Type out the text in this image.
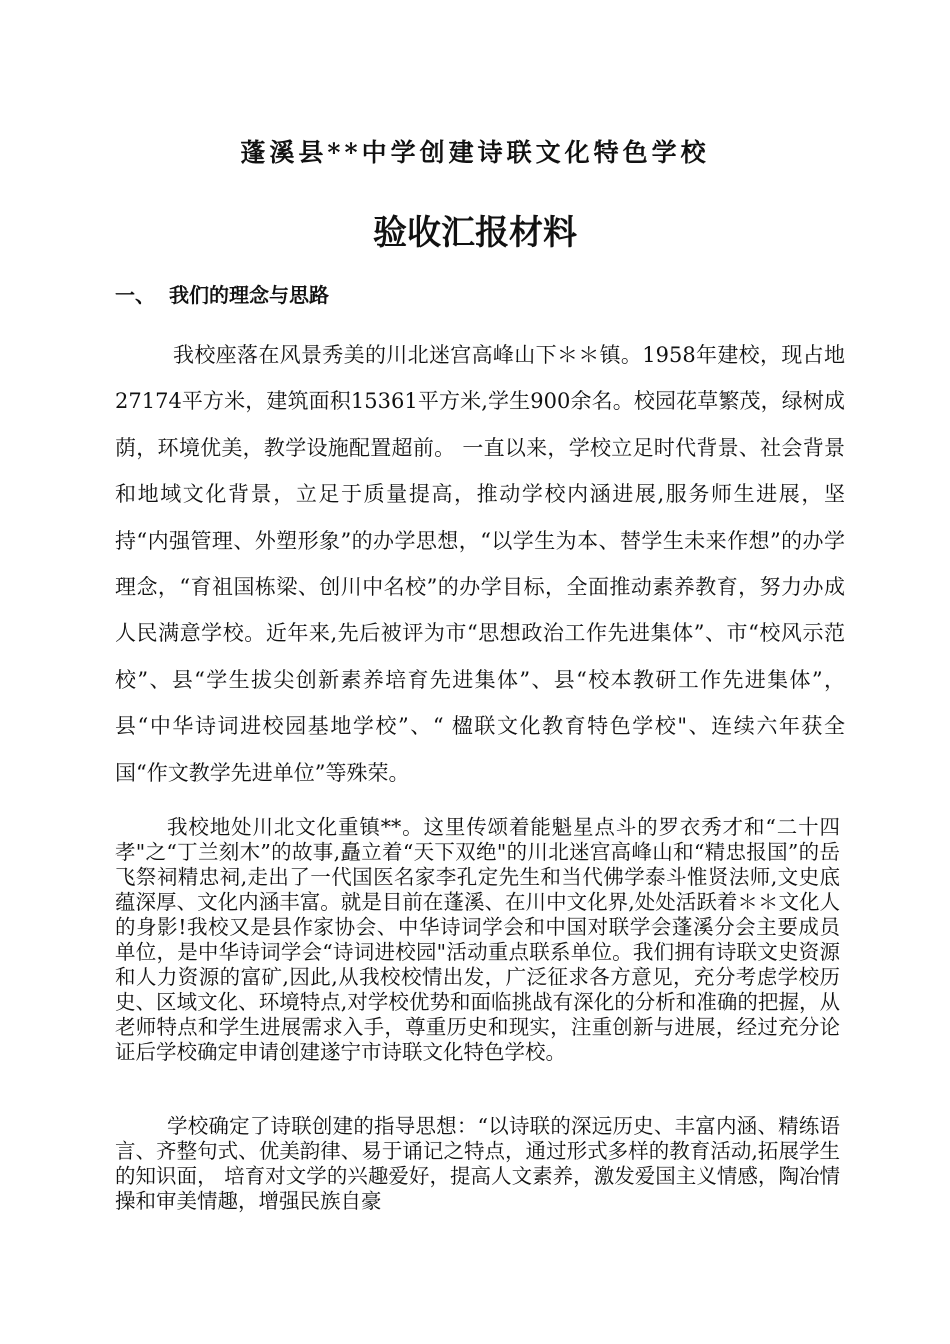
蓬溪县**中学创建诗联文化特色学校
验收汇报材料
一、 我们的理念与思路

我校座落在风景秀美的川北迷宫高峰山下＊＊镇。1958年建校，现占地27174平方米，建筑面积15361平方米,学生900余名。校园花草繁茂，绿树成荫，环境优美，教学设施配置超前。 一直以来，学校立足时代背景、社会背景和地域文化背景，立足于质量提高，推动学校内涵进展,服务师生进展，坚持“内强管理、外塑形象”的办学思想，“以学生为本、替学生未来作想”的办学理念，“育祖国栋梁、创川中名校”的办学目标，全面推动素养教育，努力办成人民满意学校。近年来,先后被评为市“思想政治工作先进集体”、市“校风示范校”、县“学生拔尖创新素养培育先进集体”、县“校本教研工作先进集体”，县“中华诗词进校园基地学校”、“ 楹联文化教育特色学校"、连续六年获全国“作文教学先进单位”等殊荣。

我校地处川北文化重镇**。这里传颂着能魁星点斗的罗衣秀才和“二十四孝"之“丁兰刻木”的故事,矗立着“天下双绝"的川北迷宫高峰山和“精忠报国”的岳飞祭祠精忠祠,走出了一代国医名家李孔定先生和当代佛学泰斗惟贤法师,文史底蕴深厚、文化内涵丰富。就是目前在蓬溪、在川中文化界,处处活跃着＊＊文化人的身影!我校又是县作家协会、中华诗词学会和中国对联学会蓬溪分会主要成员单位，是中华诗词学会“诗词进校园"活动重点联系单位。我们拥有诗联文史资源和人力资源的富矿,因此,从我校校情出发，广泛征求各方意见，充分考虑学校历史、区域文化、环境特点,对学校优势和面临挑战有深化的分析和准确的把握，从老师特点和学生进展需求入手，尊重历史和现实，注重创新与进展，经过充分论证后学校确定申请创建遂宁市诗联文化特色学校。

学校确定了诗联创建的指导思想：“以诗联的深远历史、丰富内涵、精练语言、齐整句式、优美韵律、易于诵记之特点，通过形式多样的教育活动,拓展学生的知识面， 培育对文学的兴趣爱好，提高人文素养，激发爱国主义情感，陶冶情操和审美情趣，增强民族自豪
